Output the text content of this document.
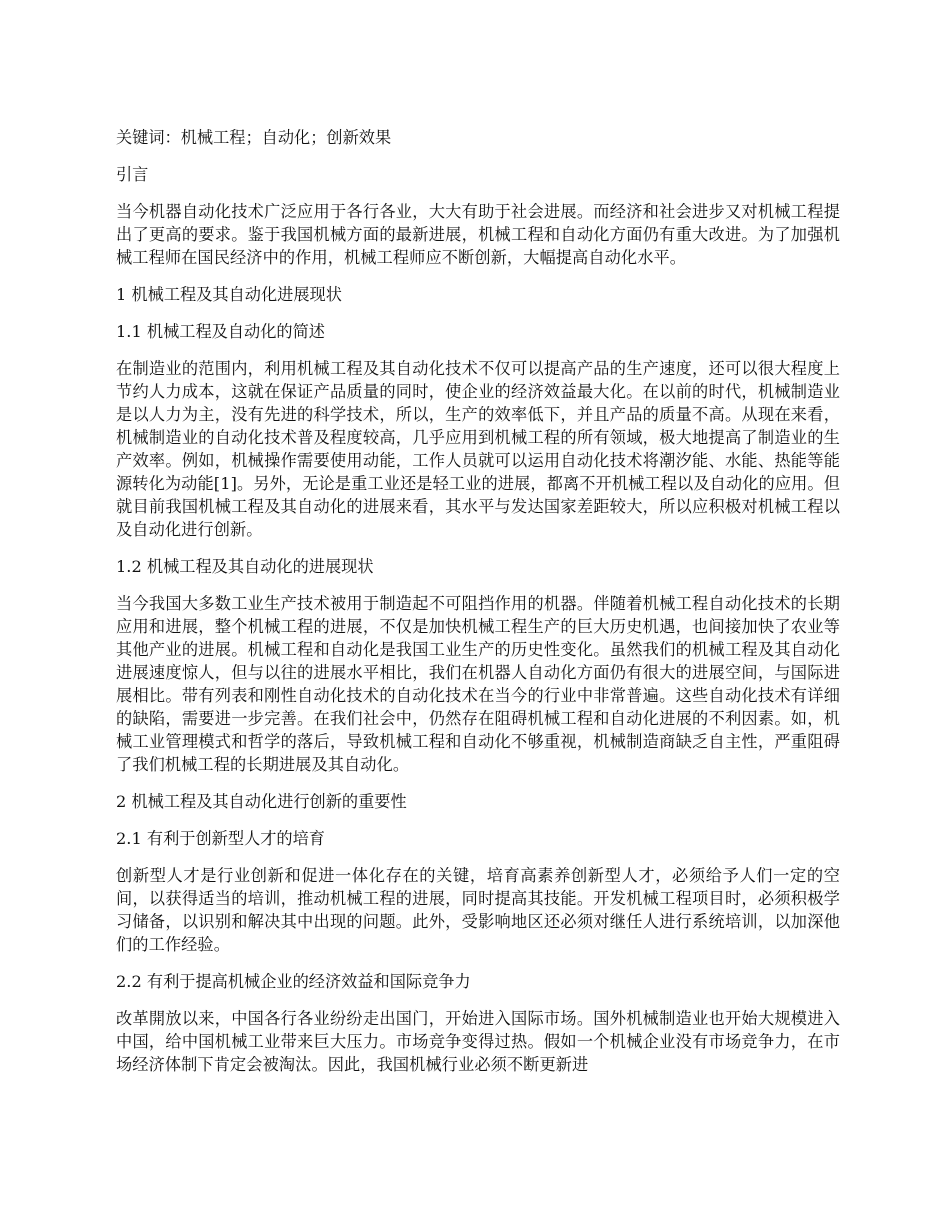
关键词：机械工程；自动化；创新效果

引言

当今机器自动化技术广泛应用于各行各业，大大有助于社会进展。而经济和社会进步又对机械工程提出了更高的要求。鉴于我国机械方面的最新进展，机械工程和自动化方面仍有重大改进。为了加强机械工程师在国民经济中的作用，机械工程师应不断创新，大幅提高自动化水平。

1 机械工程及其自动化进展现状

1.1 机械工程及自动化的简述

在制造业的范围内，利用机械工程及其自动化技术不仅可以提高产品的生产速度，还可以很大程度上节约人力成本，这就在保证产品质量的同时，使企业的经济效益最大化。在以前的时代，机械制造业是以人力为主，没有先进的科学技术，所以，生产的效率低下，并且产品的质量不高。从现在来看，机械制造业的自动化技术普及程度较高，几乎应用到机械工程的所有领域，极大地提高了制造业的生产效率。例如，机械操作需要使用动能，工作人员就可以运用自动化技术将潮汐能、水能、热能等能源转化为动能[1]。另外，无论是重工业还是轻工业的进展，都离不开机械工程以及自动化的应用。但就目前我国机械工程及其自动化的进展来看，其水平与发达国家差距较大，所以应积极对机械工程以及自动化进行创新。

1.2 机械工程及其自动化的进展现状

当今我国大多数工业生产技术被用于制造起不可阻挡作用的机器。伴随着机械工程自动化技术的长期应用和进展，整个机械工程的进展，不仅是加快机械工程生产的巨大历史机遇，也间接加快了农业等其他产业的进展。机械工程和自动化是我国工业生产的历史性变化。虽然我们的机械工程及其自动化进展速度惊人，但与以往的进展水平相比，我们在机器人自动化方面仍有很大的进展空间，与国际进展相比。带有列表和刚性自动化技术的自动化技术在当今的行业中非常普遍。这些自动化技术有详细的缺陷，需要进一步完善。在我们社会中，仍然存在阻碍机械工程和自动化进展的不利因素。如，机械工业管理模式和哲学的落后，导致机械工程和自动化不够重视，机械制造商缺乏自主性，严重阻碍了我们机械工程的长期进展及其自动化。

2 机械工程及其自动化进行创新的重要性

2.1 有利于创新型人才的培育

创新型人才是行业创新和促进一体化存在的关键，培育高素养创新型人才，必须给予人们一定的空间，以获得适当的培训，推动机械工程的进展，同时提高其技能。开发机械工程项目时，必须积极学习储备，以识别和解决其中出现的问题。此外，受影响地区还必须对继任人进行系统培训，以加深他们的工作经验。

2.2 有利于提高机械企业的经济效益和国际竞争力

改革開放以来，中国各行各业纷纷走出国门，开始进入国际市场。国外机械制造业也开始大规模进入中国，给中国机械工业带来巨大压力。市场竞争变得过热。假如一个机械企业没有市场竞争力，在市场经济体制下肯定会被淘汰。因此，我国机械行业必须不断更新进
